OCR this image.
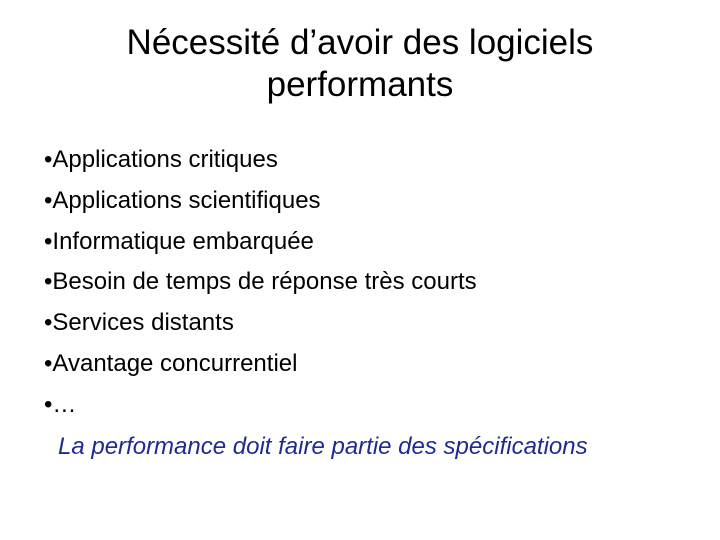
Nécessité d’avoir des logiciels
performants
•Applications critiques
•Applications scientifiques
•Informatique embarquée
•Besoin de temps de réponse très courts
•Services distants
•Avantage concurrentiel
•…
La performance doit faire partie des spécifications
